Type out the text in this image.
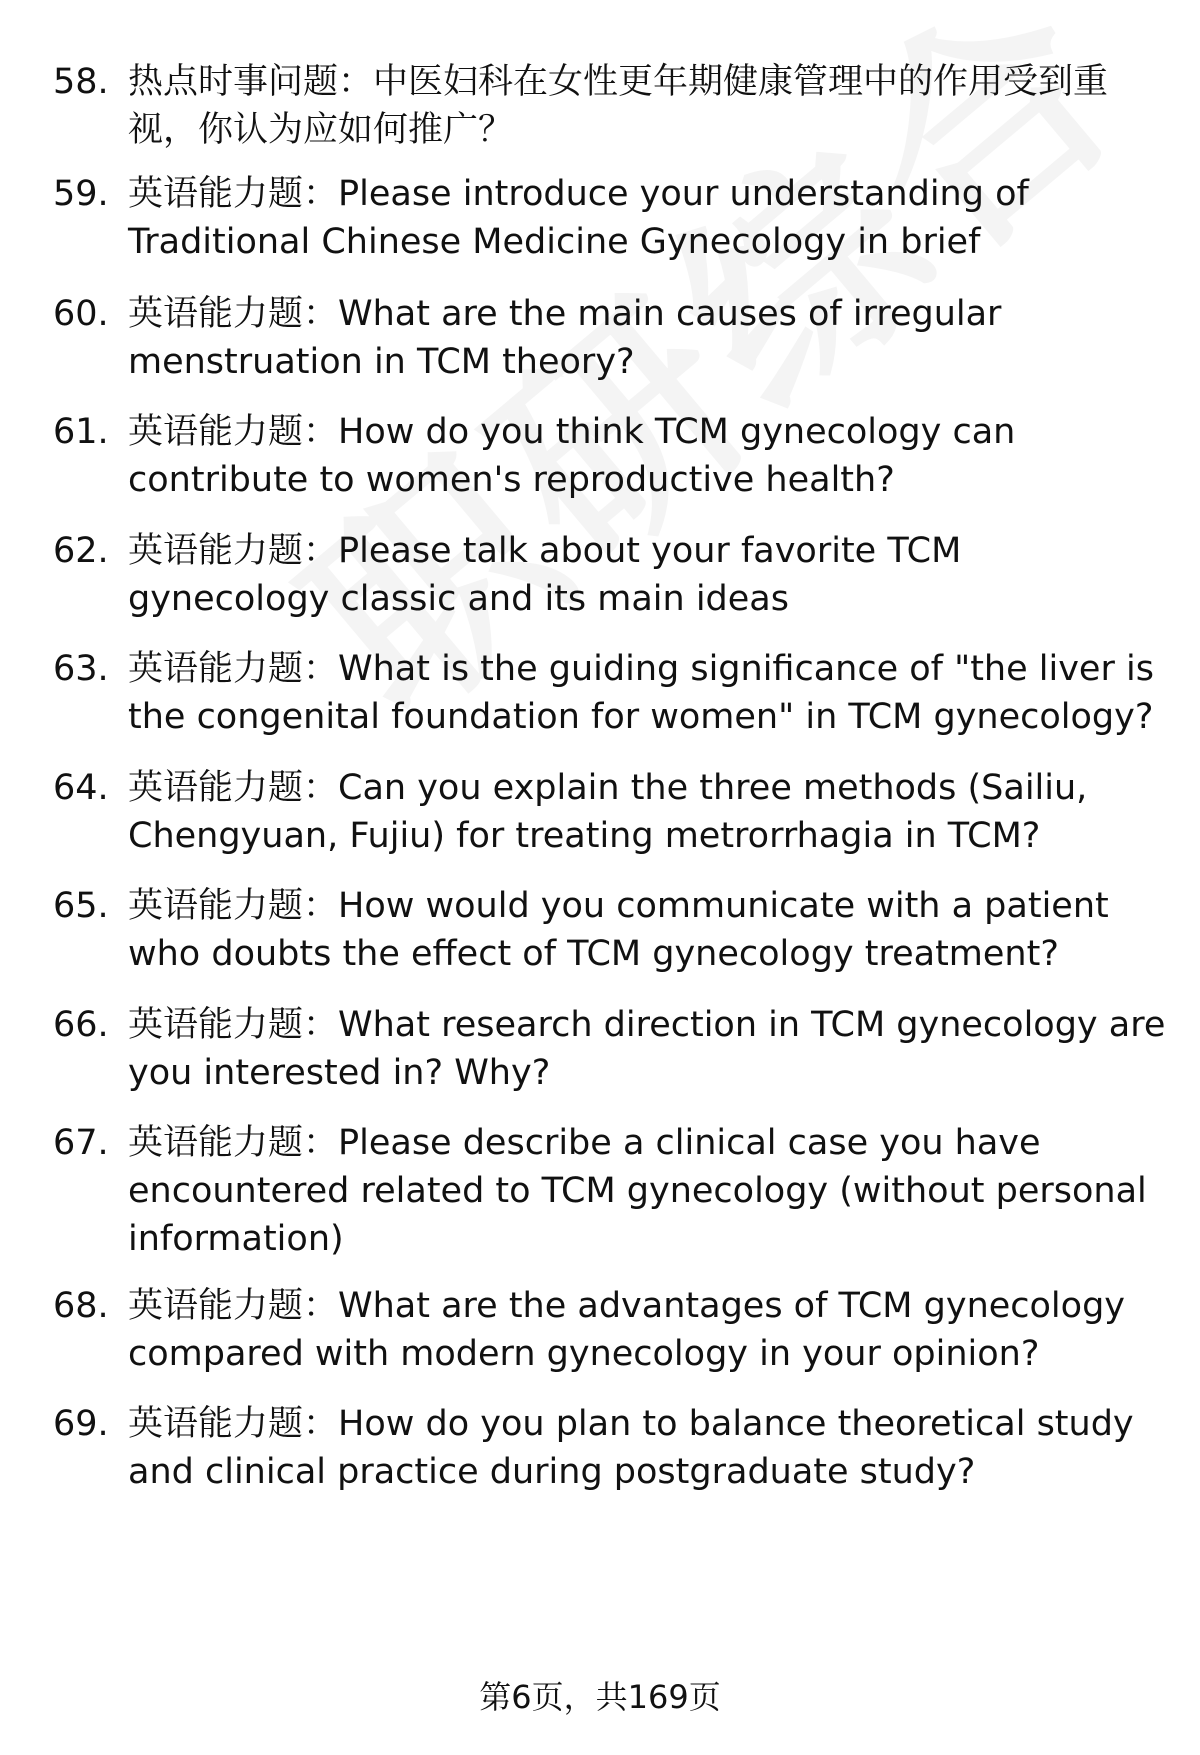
58. 热点时事问题：中医妇科在女性更年期健康管理中的作用受到重视，你认为应如何推广？
59. 英语能力题：Please introduce your understanding of Traditional Chinese Medicine Gynecology in brief
60. 英语能力题：What are the main causes of irregular menstruation in TCM theory?
61. 英语能力题：How do you think TCM gynecology can contribute to women's reproductive health?
62. 英语能力题：Please talk about your favorite TCM gynecology classic and its main ideas
63. 英语能力题：What is the guiding significance of "the liver is the congenital foundation for women" in TCM gynecology?
64. 英语能力题：Can you explain the three methods (Sailiu, Chengyuan, Fujiu) for treating metrorrhagia in TCM?
65. 英语能力题：How would you communicate with a patient who doubts the effect of TCM gynecology treatment?
66. 英语能力题：What research direction in TCM gynecology are you interested in? Why?
67. 英语能力题：Please describe a clinical case you have encountered related to TCM gynecology (without personal information)
68. 英语能力题：What are the advantages of TCM gynecology compared with modern gynecology in your opinion?
69. 英语能力题：How do you plan to balance theoretical study and clinical practice during postgraduate study?
第6页，共169页
